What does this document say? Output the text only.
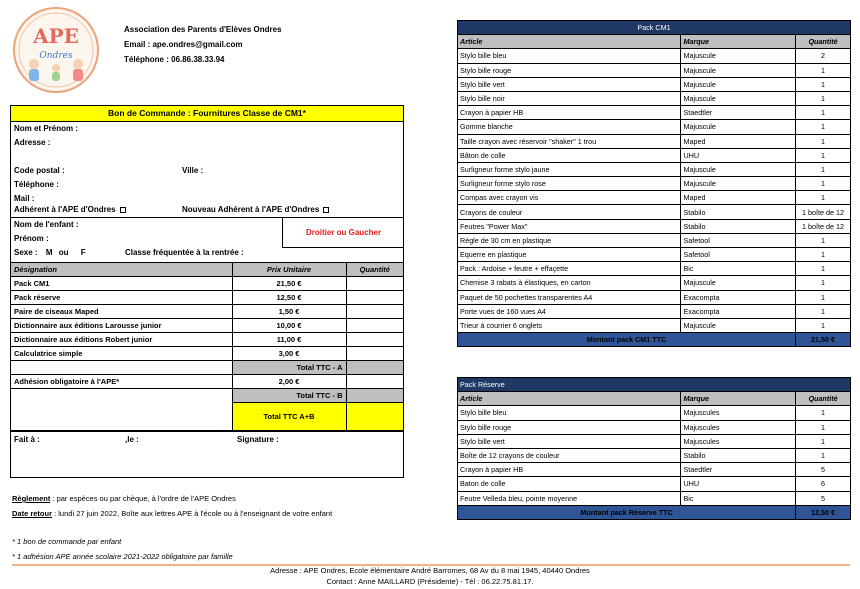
APE
Ondres
Association des Parents d'Elèves Ondres
Email : ape.ondres@gmail.com
Téléphone : 06.86.38.33.94
Bon de Commande : Fournitures Classe de CM1*
Nom et Prénom :
Adresse :
Code postal :	Ville :
Téléphone :
Mail :
Adhérent à l'APE d'Ondres	Nouveau Adhérent à l'APE d'Ondres
Nom de l'enfant :
Prénom :
Sexe : M ou F	Classe fréquentée à la rentrée :
Droitier ou Gaucher
Désignation	Prix Unitaire	Quantité
Pack CM1	21,50 €	
Pack réserve	12,50 €	
Paire de ciseaux Maped	1,50 €	
Dictionnaire aux éditions Larousse junior	10,00 €	
Dictionnaire aux éditions Robert junior	11,00 €	
Calculatrice simple	3,00 €	
	Total TTC - A	
Adhésion obligatoire à l'APE*	2,00 €	
	Total TTC - B	
	Total TTC A+B	
Fait à :	,le :	Signature :
Règlement : par espèces ou par chèque, à l'ordre de l'APE Ondres
Date retour : lundi 27 juin 2022, Boîte aux lettres APE à l'école ou à l'enseignant de votre enfant
* 1 bon de commande par enfant
* 1 adhésion APE année scolaire 2021-2022 obligatoire par famille
Pack CM1		
Article	Marque	Quantité
Stylo bille bleu	Majuscule	2
Stylo bille rouge	Majuscule	1
Stylo bille vert	Majuscule	1
Stylo bille noir	Majuscule	1
Crayon à papier HB	Staedtler	1
Gomme blanche	Majuscule	1
Taille crayon avec réservoir "shaker" 1 trou	Maped	1
Bâton de colle	UHU	1
Surligneur forme stylo jaune	Majuscule	1
Surligneur forme stylo rose	Majuscule	1
Compas avec crayon vis	Maped	1
Crayons de couleur	Stabilo	1 boîte de 12
Feutres "Power Max"	Stabilo	1 boîte de 12
Règle de 30 cm en plastique	Safetool	1
Equerre en plastique	Safetool	1
Pack : Ardoise + feutre + effaçette	Bic	1
Chemise 3 rabats à élastiques, en carton	Majuscule	1
Paquet de 50 pochettes transparentes A4	Exacompta	1
Porte vues de 160 vues A4	Exacompta	1
Trieur à courrier 6 onglets	Majuscule	1
Montant pack CM1 TTC		21,50 €
Pack Réserve		
Article	Marque	Quantité
Stylo bille bleu	Majuscules	1
Stylo bille rouge	Majuscules	1
Stylo bille vert	Majuscules	1
Boîte de 12 crayons de couleur	Stabilo	1
Crayon à papier HB	Staedtler	5
Baton de colle	UHU	6
Feutre Velleda bleu, pointe moyenne	Bic	5
Montant pack Réserve TTC		12,50 €
Adresse : APE Ondres, Ecole élémentaire André Barromes, 68 Av du 8 mai 1945, 40440 Ondres
Contact : Anne MAILLARD (Présidente) - Tél : 06.22.75.81.17.
